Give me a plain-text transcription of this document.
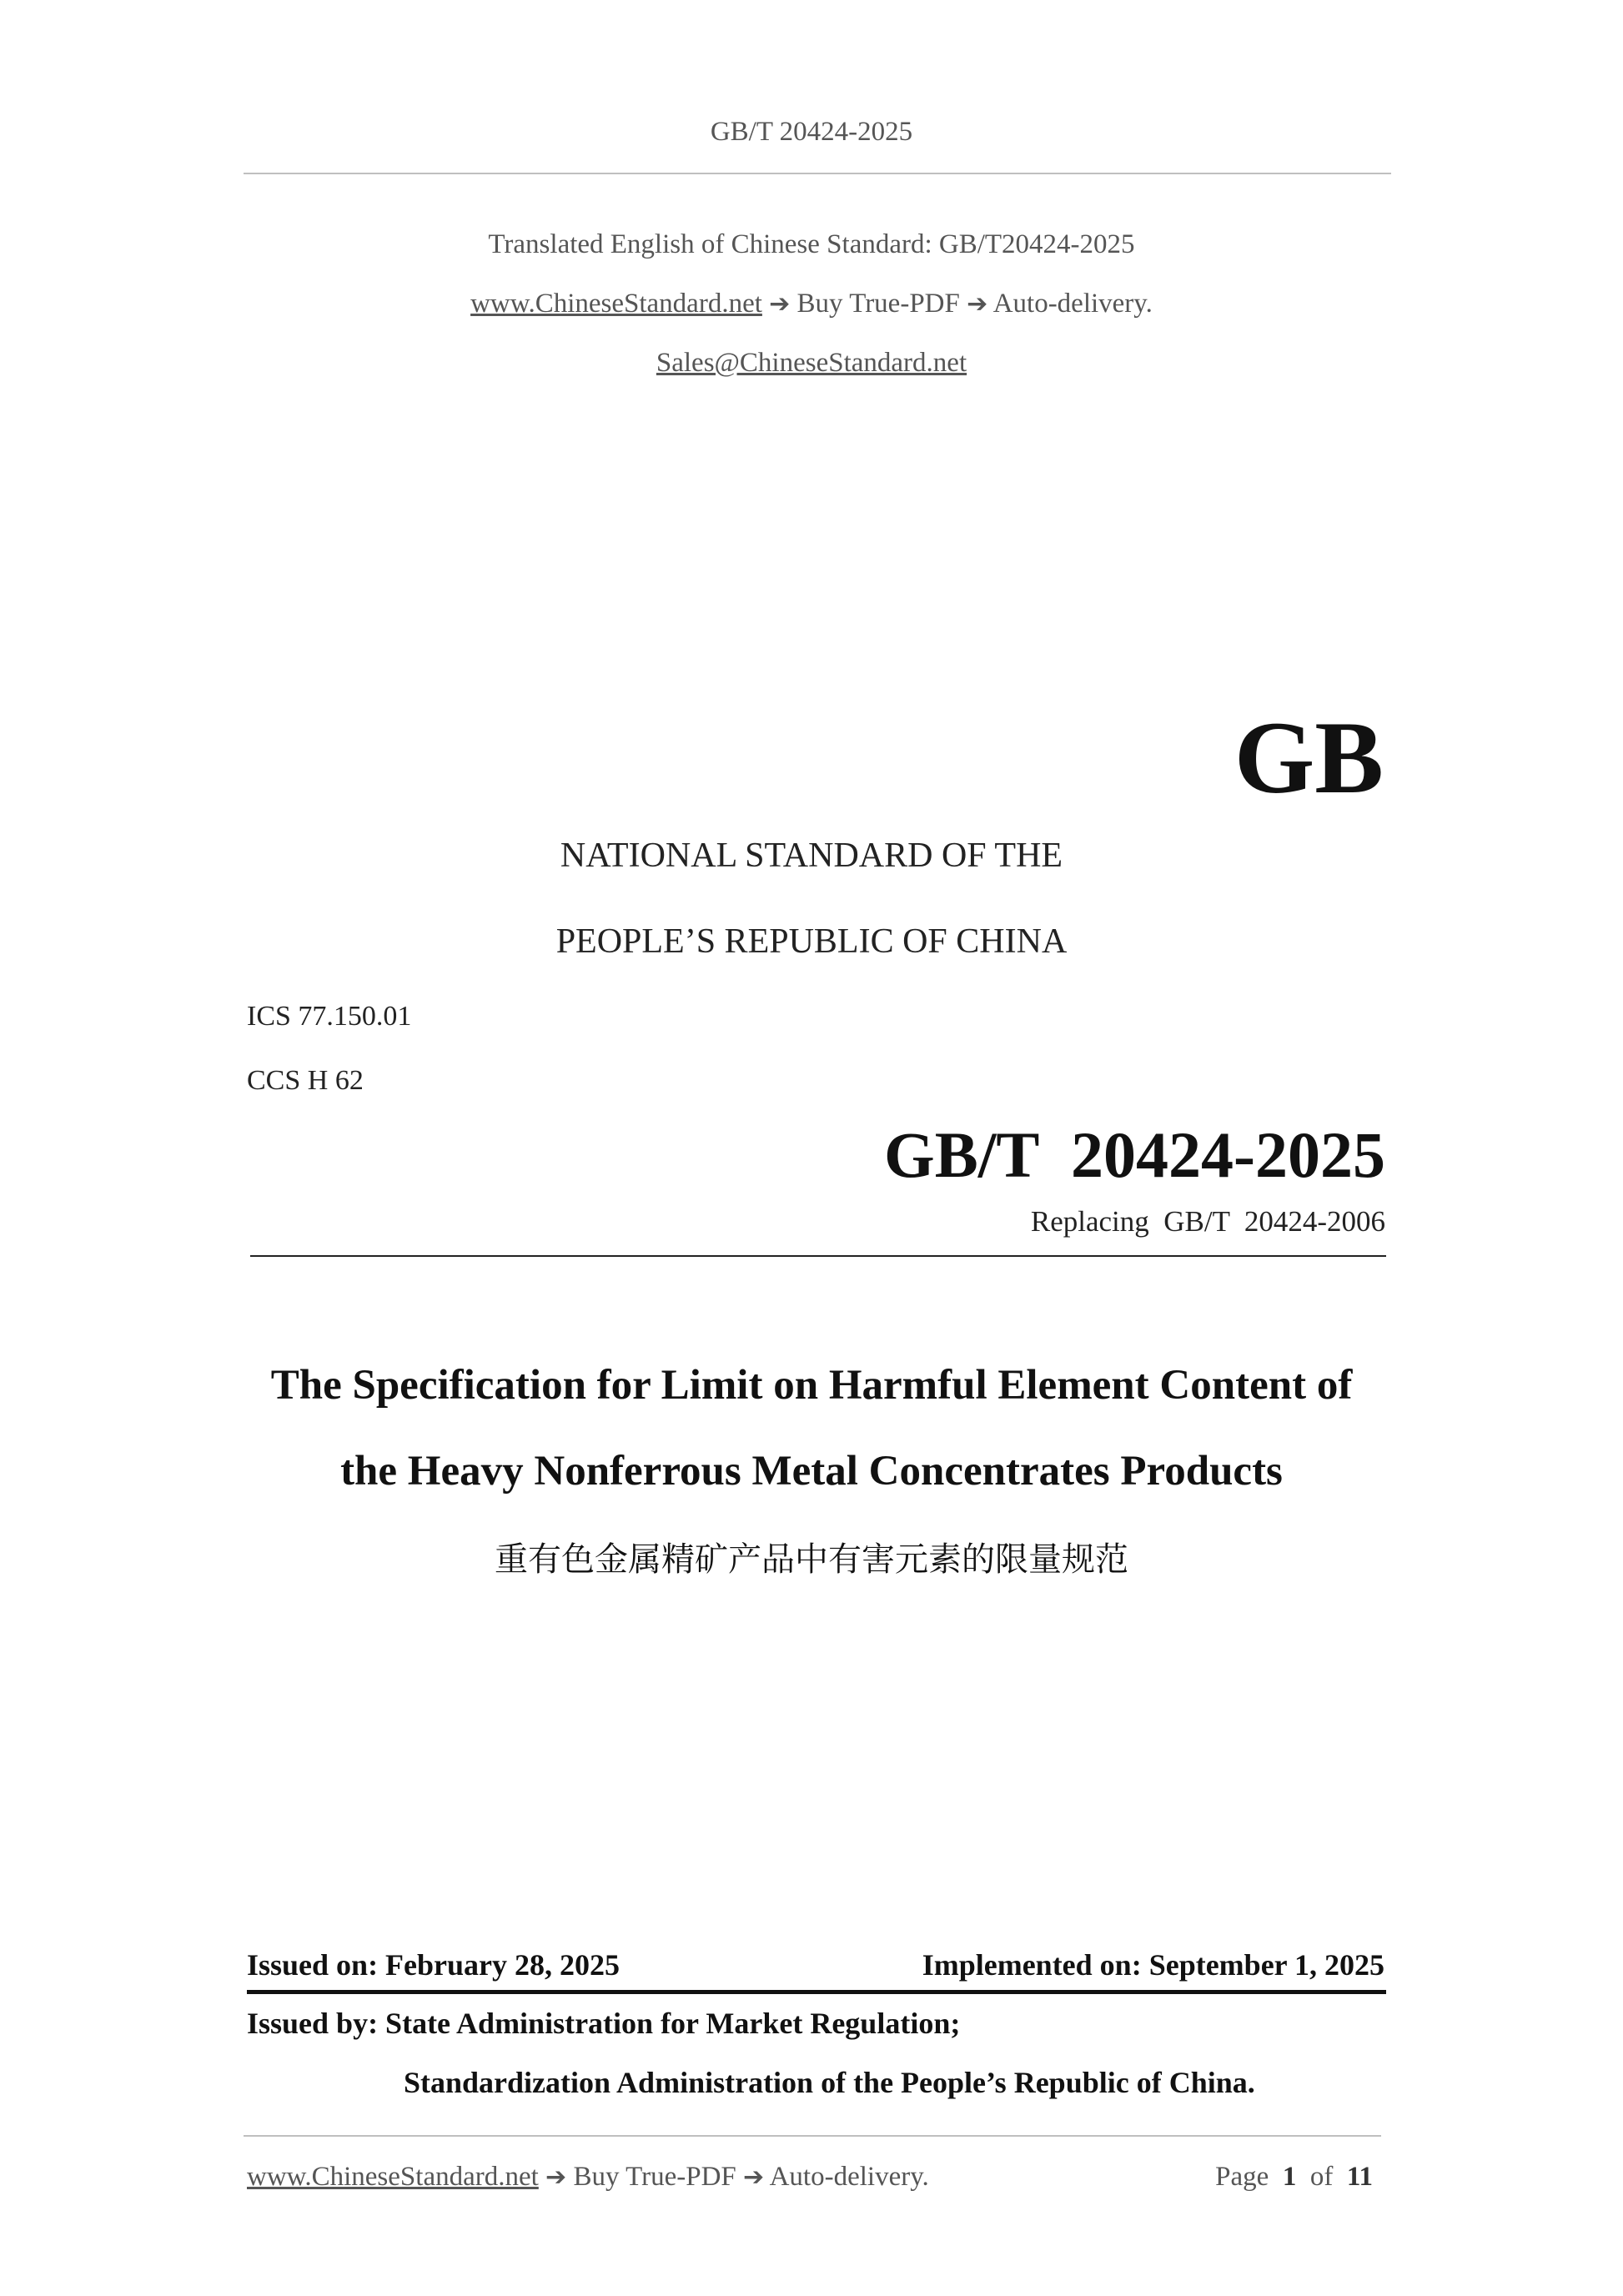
GB/T 20424-2025
Translated English of Chinese Standard: GB/T20424-2025
www.ChineseStandard.net ➔ Buy True-PDF ➔ Auto-delivery.
Sales@ChineseStandard.net
GB
NATIONAL STANDARD OF THE
PEOPLE’S REPUBLIC OF CHINA
ICS 77.150.01
CCS H 62
GB/T  20424-2025
Replacing  GB/T  20424-2006
The Specification for Limit on Harmful Element Content of
the Heavy Nonferrous Metal Concentrates Products
重有色金属精矿产品中有害元素的限量规范
Issued on: February 28, 2025	Implemented on: September 1, 2025
Issued by: State Administration for Market Regulation;
Standardization Administration of the People’s Republic of China.
www.ChineseStandard.net ➔ Buy True-PDF ➔ Auto-delivery.	Page 1 of 11
